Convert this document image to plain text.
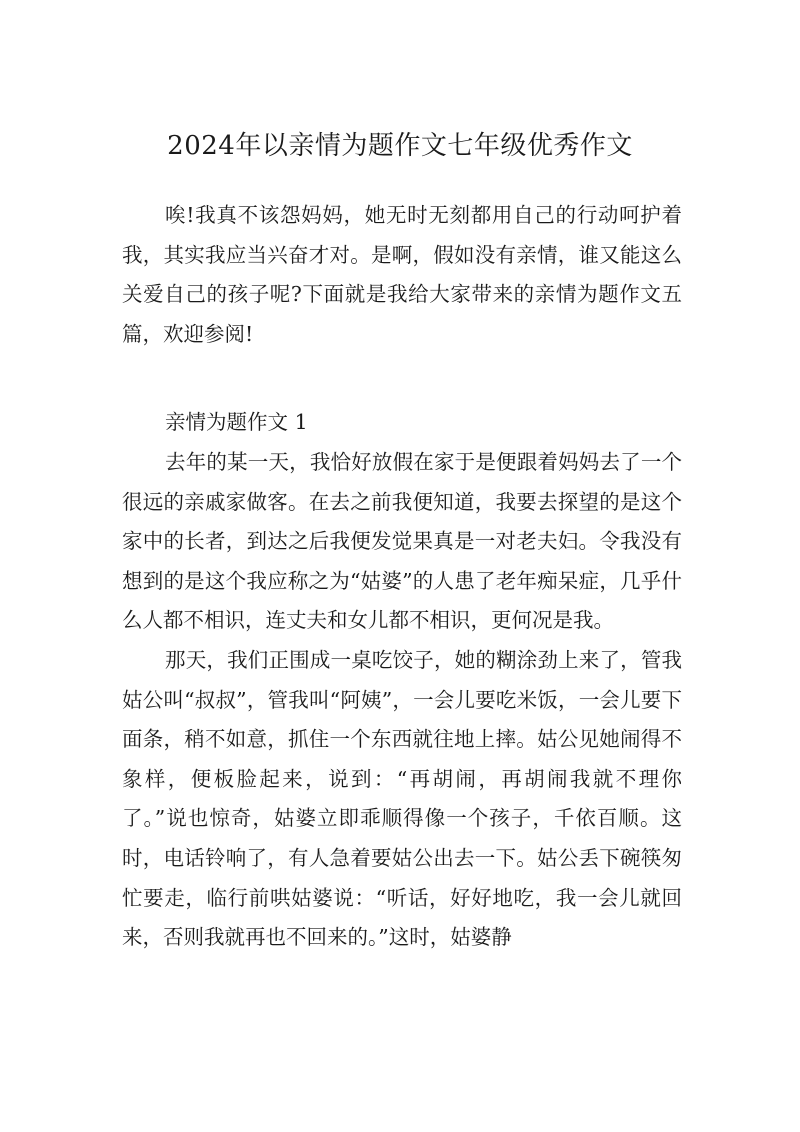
2024年以亲情为题作文七年级优秀作文

唉!我真不该怨妈妈，她无时无刻都用自己的行动呵护着我，其实我应当兴奋才对。是啊，假如没有亲情，谁又能这么关爱自己的孩子呢?下面就是我给大家带来的亲情为题作文五篇，欢迎参阅!

亲情为题作文 1

去年的某一天，我恰好放假在家于是便跟着妈妈去了一个很远的亲戚家做客。在去之前我便知道，我要去探望的是这个家中的长者，到达之后我便发觉果真是一对老夫妇。令我没有想到的是这个我应称之为“姑婆”的人患了老年痴呆症，几乎什么人都不相识，连丈夫和女儿都不相识，更何况是我。

那天，我们正围成一桌吃饺子，她的糊涂劲上来了，管我姑公叫“叔叔”，管我叫“阿姨”，一会儿要吃米饭，一会儿要下面条，稍不如意，抓住一个东西就往地上摔。姑公见她闹得不象样，便板脸起来，说到：“再胡闹，再胡闹我就不理你了。”说也惊奇，姑婆立即乖顺得像一个孩子，千依百顺。这时，电话铃响了，有人急着要姑公出去一下。姑公丢下碗筷匆忙要走，临行前哄姑婆说：“听话，好好地吃，我一会儿就回来，否则我就再也不回来的。”这时，姑婆静
